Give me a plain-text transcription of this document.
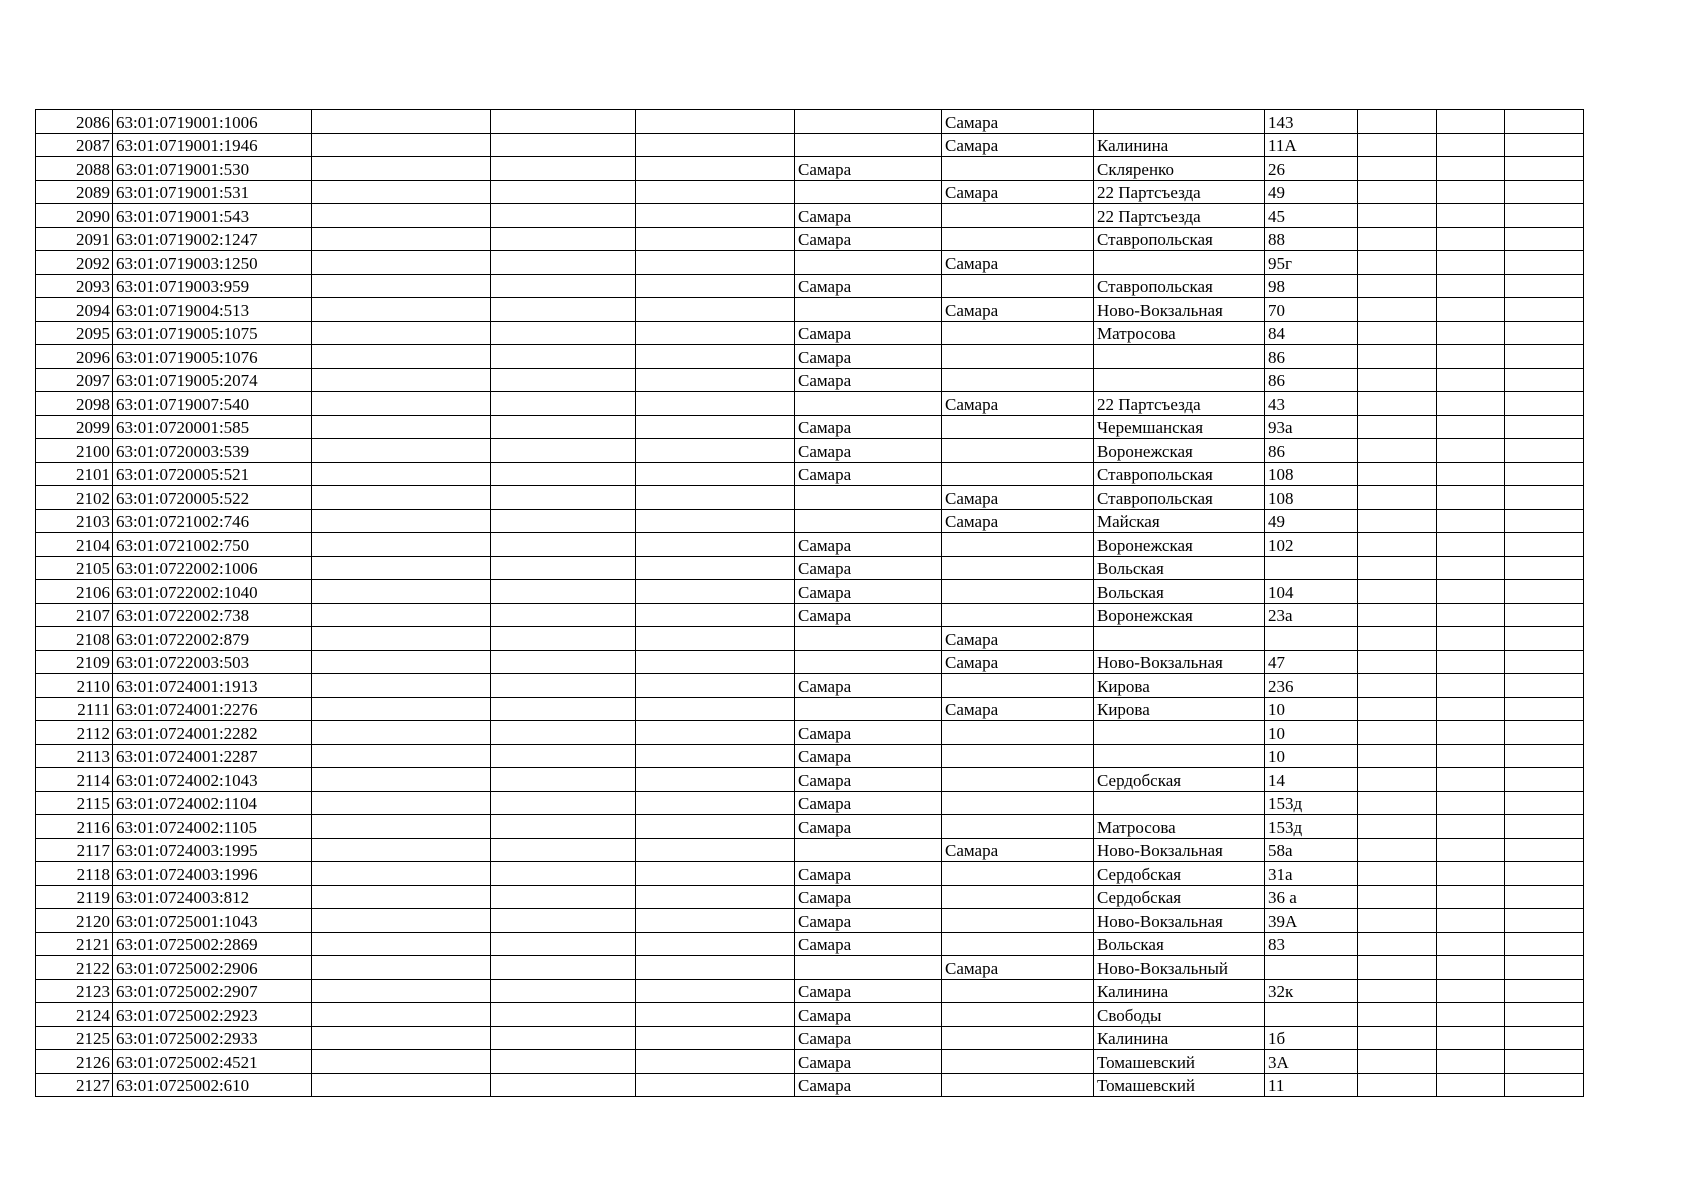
2086	63:01:0719001:1006					Самара		143			
2087	63:01:0719001:1946					Самара	Калинина	11А			
2088	63:01:0719001:530				Самара		Скляренко	26			
2089	63:01:0719001:531					Самара	22 Партсъезда	49			
2090	63:01:0719001:543				Самара		22 Партсъезда	45			
2091	63:01:0719002:1247				Самара		Ставропольская	88			
2092	63:01:0719003:1250					Самара		95г			
2093	63:01:0719003:959				Самара		Ставропольская	98			
2094	63:01:0719004:513					Самара	Ново-Вокзальная	70			
2095	63:01:0719005:1075				Самара		Матросова	84			
2096	63:01:0719005:1076				Самара			86			
2097	63:01:0719005:2074				Самара			86			
2098	63:01:0719007:540					Самара	22 Партсъезда	43			
2099	63:01:0720001:585				Самара		Черемшанская	93а			
2100	63:01:0720003:539				Самара		Воронежская	86			
2101	63:01:0720005:521				Самара		Ставропольская	108			
2102	63:01:0720005:522					Самара	Ставропольская	108			
2103	63:01:0721002:746					Самара	Майская	49			
2104	63:01:0721002:750				Самара		Воронежская	102			
2105	63:01:0722002:1006				Самара		Вольская				
2106	63:01:0722002:1040				Самара		Вольская	104			
2107	63:01:0722002:738				Самара		Воронежская	23а			
2108	63:01:0722002:879					Самара					
2109	63:01:0722003:503					Самара	Ново-Вокзальная	47			
2110	63:01:0724001:1913				Самара		Кирова	236			
2111	63:01:0724001:2276					Самара	Кирова	10			
2112	63:01:0724001:2282				Самара			10			
2113	63:01:0724001:2287				Самара			10			
2114	63:01:0724002:1043				Самара		Сердобская	14			
2115	63:01:0724002:1104				Самара			153д			
2116	63:01:0724002:1105				Самара		Матросова	153д			
2117	63:01:0724003:1995					Самара	Ново-Вокзальная	58а			
2118	63:01:0724003:1996				Самара		Сердобская	31а			
2119	63:01:0724003:812				Самара		Сердобская	36 а			
2120	63:01:0725001:1043				Самара		Ново-Вокзальная	39А			
2121	63:01:0725002:2869				Самара		Вольская	83			
2122	63:01:0725002:2906					Самара	Ново-Вокзальный				
2123	63:01:0725002:2907				Самара		Калинина	32к			
2124	63:01:0725002:2923				Самара		Свободы				
2125	63:01:0725002:2933				Самара		Калинина	1б			
2126	63:01:0725002:4521				Самара		Томашевский	3А			
2127	63:01:0725002:610				Самара		Томашевский	11			
